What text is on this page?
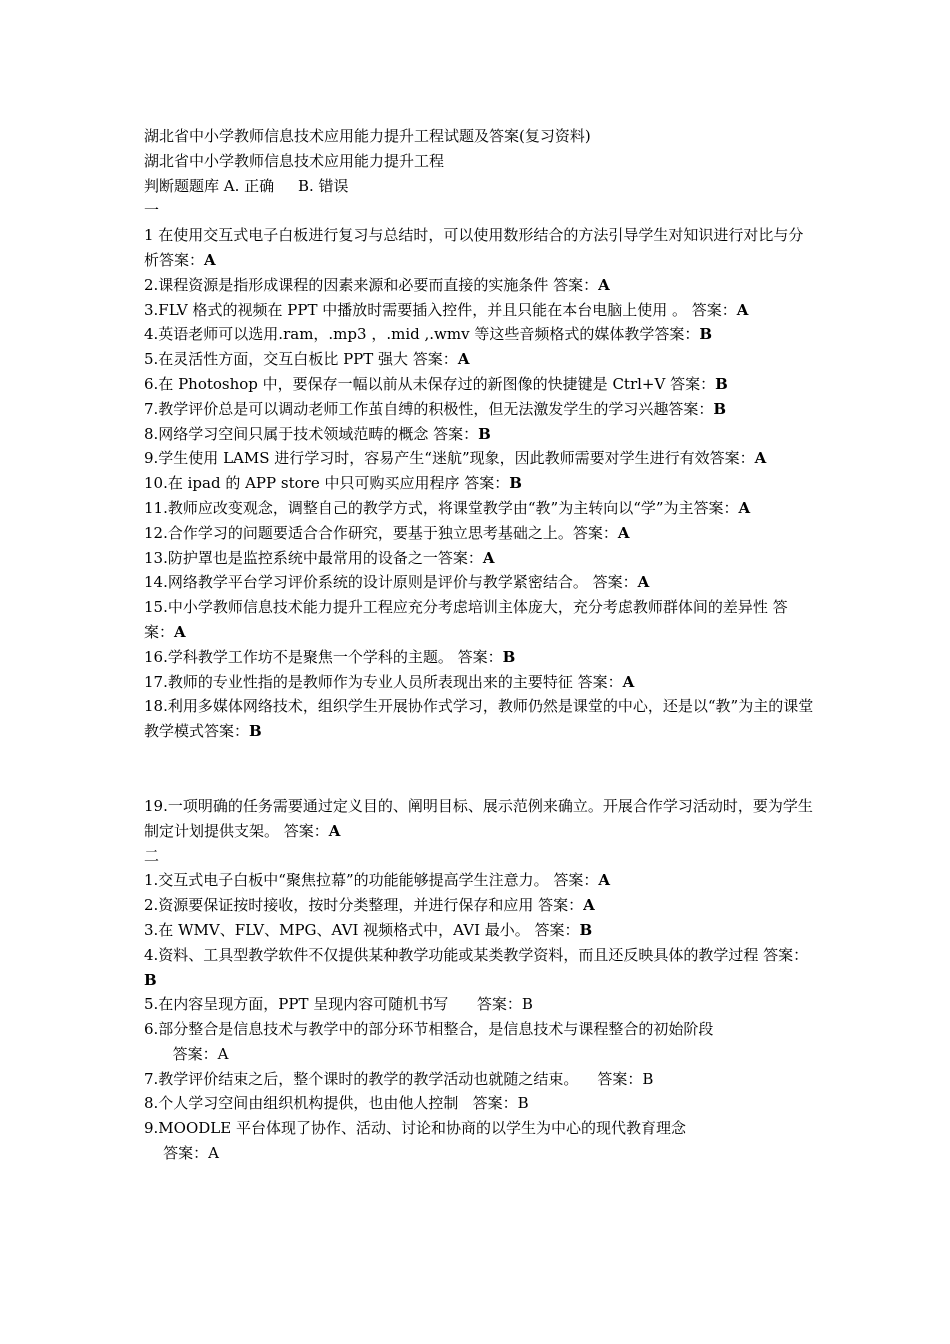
湖北省中小学教师信息技术应用能力提升工程试题及答案(复习资料)
湖北省中小学教师信息技术应用能力提升工程
判断题题库 A. 正确     B. 错误
一
1 在使用交互式电子白板进行复习与总结时，可以使用数形结合的方法引导学生对知识进行对比与分析答案：A
2.课程资源是指形成课程的因素来源和必要而直接的实施条件 答案：A
3.FLV 格式的视频在 PPT 中播放时需要插入控件，并且只能在本台电脑上使用 。 答案：A
4.英语老师可以选用.ram，.mp3 ，.mid ,.wmv 等这些音频格式的媒体教学答案：B
5.在灵活性方面，交互白板比 PPT 强大 答案：A
6.在 Photoshop 中，要保存一幅以前从未保存过的新图像的快捷键是 Ctrl+V 答案：B
7.教学评价总是可以调动老师工作茧自缚的积极性，但无法激发学生的学习兴趣答案：B
8.网络学习空间只属于技术领域范畴的概念 答案：B
9.学生使用 LAMS 进行学习时，容易产生“迷航”现象，因此教师需要对学生进行有效答案：A
10.在 ipad 的 APP store 中只可购买应用程序 答案：B
11.教师应改变观念，调整自己的教学方式，将课堂教学由“教”为主转向以“学”为主答案：A
12.合作学习的问题要适合合作研究，要基于独立思考基础之上。答案：A
13.防护罩也是监控系统中最常用的设备之一答案：A
14.网络教学平台学习评价系统的设计原则是评价与教学紧密结合。 答案：A
15.中小学教师信息技术能力提升工程应充分考虑培训主体庞大，充分考虑教师群体间的差异性 答案：A
16.学科教学工作坊不是聚焦一个学科的主题。 答案：B
17.教师的专业性指的是教师作为专业人员所表现出来的主要特征 答案：A
18.利用多媒体网络技术，组织学生开展协作式学习，教师仍然是课堂的中心，还是以“教”为主的课堂教学模式答案：B
19.一项明确的任务需要通过定义目的、阐明目标、展示范例来确立。开展合作学习活动时，要为学生制定计划提供支架。 答案：A
二
1.交互式电子白板中“聚焦拉幕”的功能能够提高学生注意力。 答案：A
2.资源要保证按时接收，按时分类整理，并进行保存和应用 答案：A
3.在 WMV、FLV、MPG、AVI 视频格式中，AVI 最小。 答案：B
4.资料、工具型教学软件不仅提供某种教学功能或某类教学资料，而且还反映具体的教学过程 答案：B
5.在内容呈现方面，PPT 呈现内容可随机书写      答案：B
6.部分整合是信息技术与教学中的部分环节相整合，是信息技术与课程整合的初始阶段
答案：A
7.教学评价结束之后，整个课时的教学的教学活动也就随之结束。    答案：B
8.个人学习空间由组织机构提供，也由他人控制   答案：B
9.MOODLE 平台体现了协作、活动、讨论和协商的以学生为中心的现代教育理念
答案：A
